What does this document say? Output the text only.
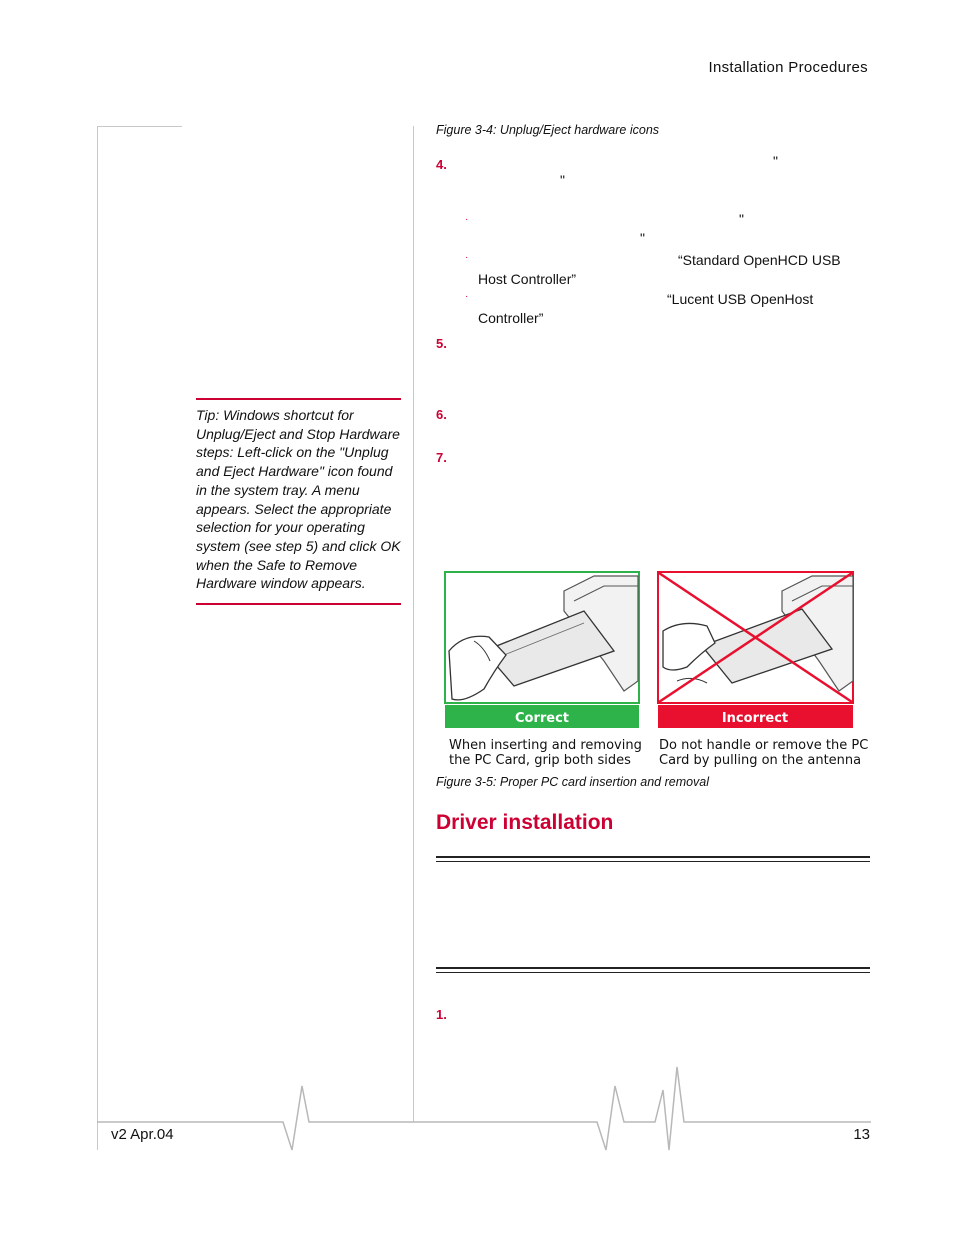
Installation Procedures
Figure 3-4: Unplug/Eject hardware icons
4.	"
"
·	"
"
·	“Standard OpenHCD USB
Host Controller”
·	“Lucent USB OpenHost
Controller”
5.
6.
7.
Tip: Windows shortcut for Unplug/Eject and Stop Hardware steps: Left-click on the "Unplug and Eject Hardware" icon found in the system tray. A menu appears. Select the appropriate selection for your operating system (see step 5) and click OK when the Safe to Remove Hardware window appears.
Correct	Incorrect
When inserting and removing
the PC Card, grip both sides
Do not handle or remove the PC
Card by pulling on the antenna
Figure 3-5: Proper PC card insertion and removal
Driver installation
1.
v2 Apr.04	13
